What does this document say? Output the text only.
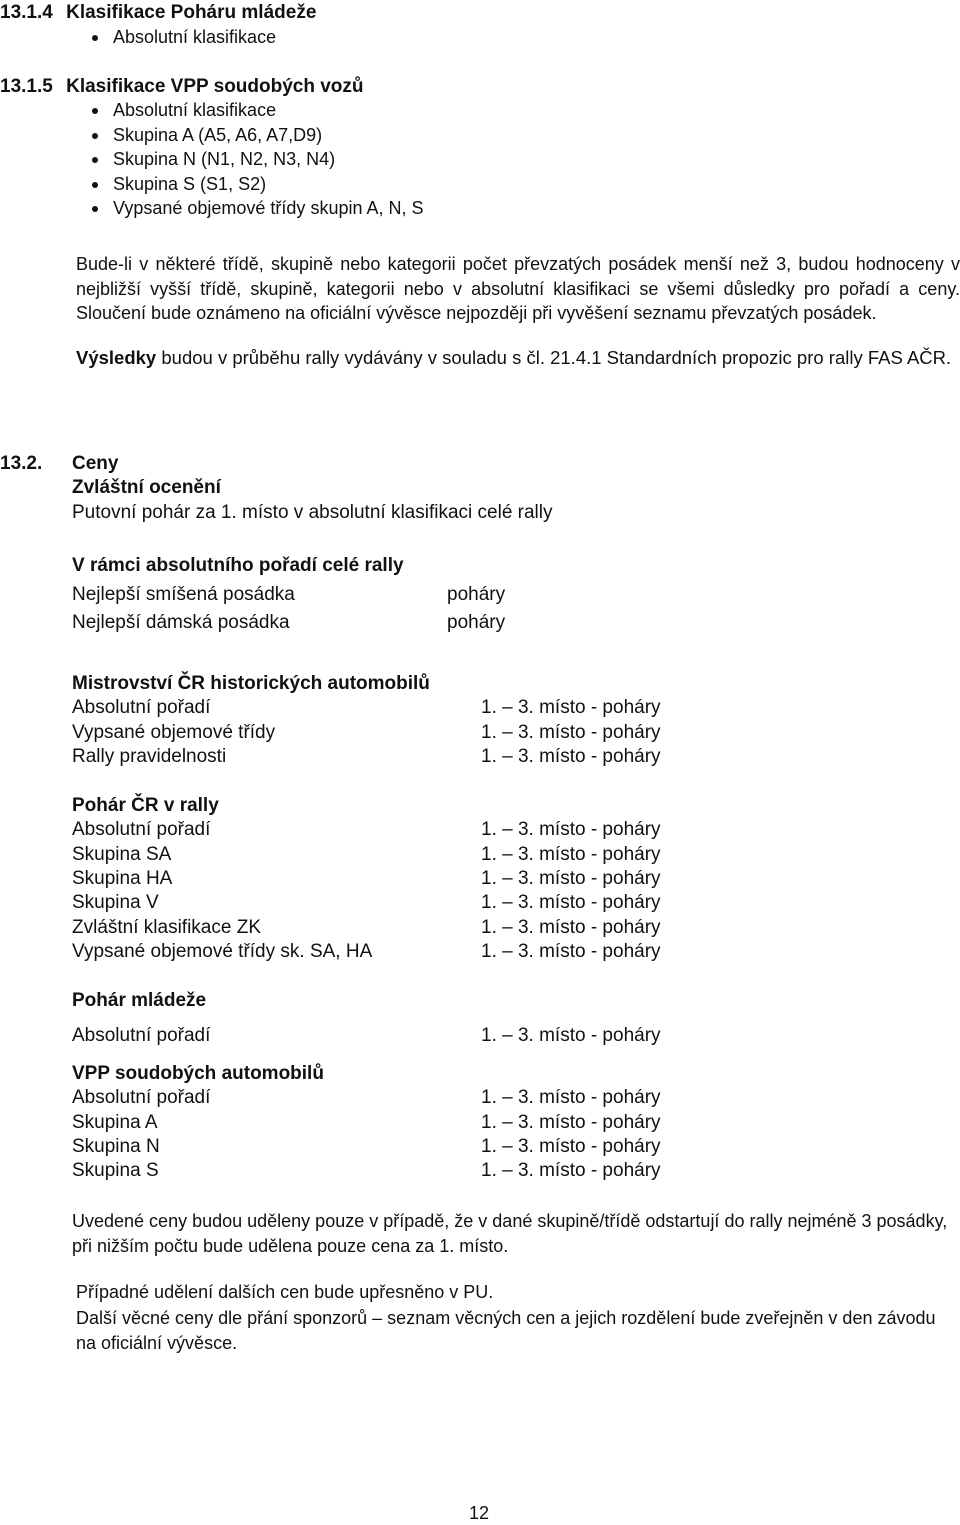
13.1.4 Klasifikace Poháru mládeže
Absolutní klasifikace
13.1.5 Klasifikace VPP soudobých vozů
Absolutní klasifikace
Skupina A (A5, A6, A7,D9)
Skupina N (N1, N2, N3, N4)
Skupina S (S1, S2)
Vypsané objemové třídy skupin A, N, S
Bude-li v některé třídě, skupině nebo kategorii počet převzatých posádek menší než 3, budou hodnoceny v nejbližší vyšší třídě, skupině, kategorii nebo v absolutní klasifikaci se všemi důsledky pro pořadí a ceny. Sloučení bude oznámeno na oficiální vývěsce nejpozději při vyvěšení seznamu převzatých posádek.
Výsledky budou v průběhu rally vydávány v souladu s čl. 21.4.1 Standardních propozic pro rally FAS AČR.
13.2. Ceny
Zvláštní ocenění
Putovní pohár za 1. místo v absolutní klasifikaci celé rally
V rámci absolutního pořadí celé rally
Nejlepší smíšená posádka	poháry
Nejlepší dámská posádka	poháry
Mistrovství ČR historických automobilů
Absolutní pořadí	1. – 3. místo - poháry
Vypsané objemové třídy	1. – 3. místo - poháry
Rally pravidelnosti	1. – 3. místo - poháry
Pohár ČR v rally
Absolutní pořadí	1. – 3. místo - poháry
Skupina SA	1. – 3. místo - poháry
Skupina HA	1. – 3. místo - poháry
Skupina V	1. – 3. místo - poháry
Zvláštní klasifikace ZK	1. – 3. místo - poháry
Vypsané objemové třídy sk. SA, HA	1. – 3. místo - poháry
Pohár mládeže
Absolutní pořadí	1. – 3. místo - poháry
VPP soudobých automobilů
Absolutní pořadí	1. – 3. místo - poháry
Skupina A	1. – 3. místo - poháry
Skupina N	1. – 3. místo - poháry
Skupina S	1. – 3. místo - poháry
Uvedené ceny budou uděleny pouze v případě, že v dané skupině/třídě odstartují do rally nejméně 3 posádky, při nižším počtu bude udělena pouze cena za 1. místo.
Případné udělení dalších cen bude upřesněno v PU.
Další věcné ceny dle přání sponzorů – seznam věcných cen a jejich rozdělení bude zveřejněn v den závodu na oficiální vývěsce.
12
